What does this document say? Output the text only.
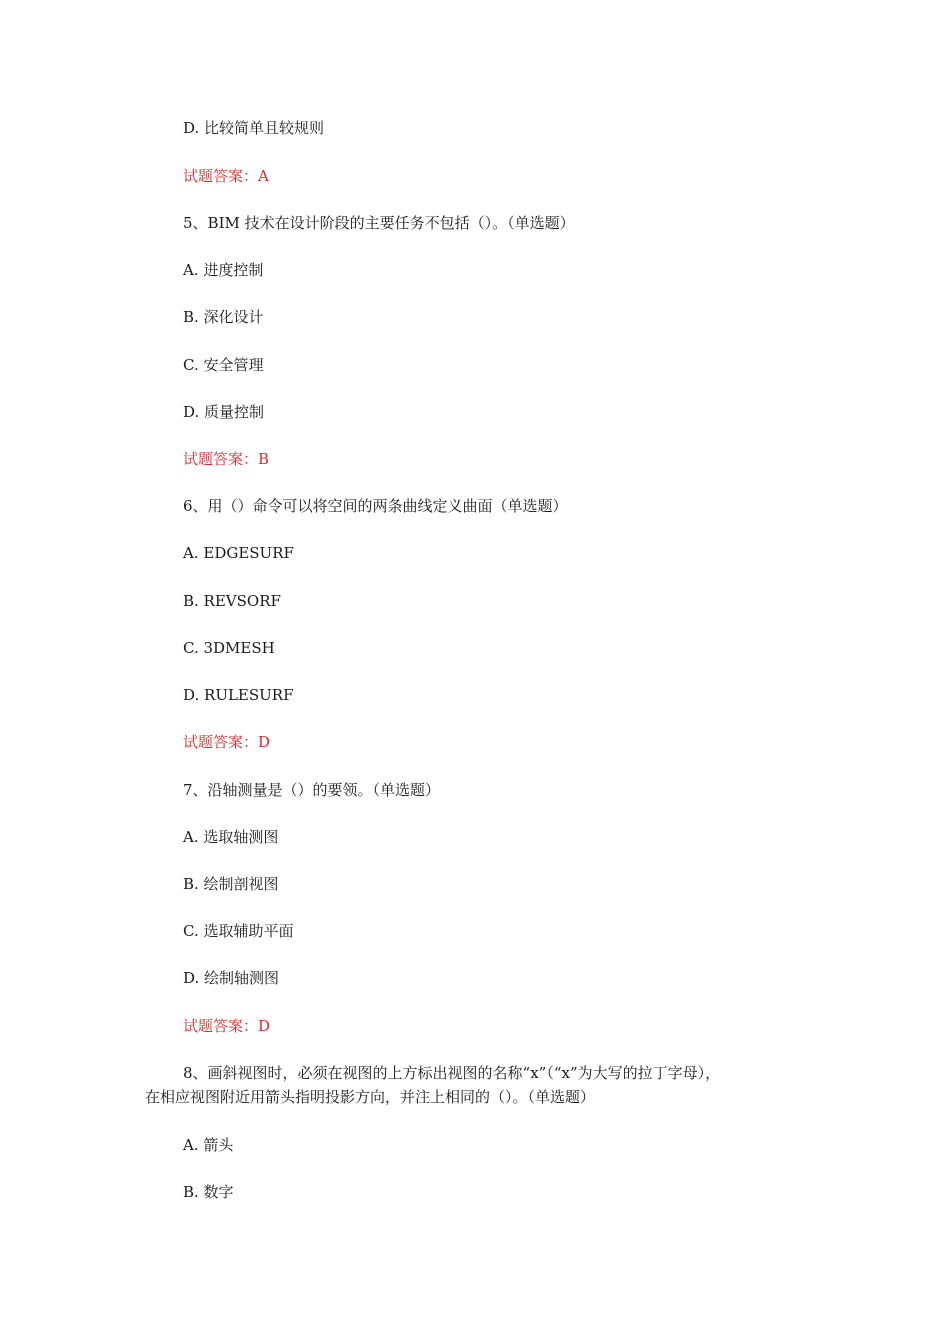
D. 比较简单且较规则
试题答案：A
5、BIM 技术在设计阶段的主要任务不包括（）。（单选题）
A. 进度控制
B. 深化设计
C. 安全管理
D. 质量控制
试题答案：B
6、用（）命令可以将空间的两条曲线定义曲面（单选题）
A. EDGESURF
B. REVSORF
C. 3DMESH
D. RULESURF
试题答案：D
7、沿轴测量是（）的要领。（单选题）
A. 选取轴测图
B. 绘制剖视图
C. 选取辅助平面
D. 绘制轴测图
试题答案：D
8、画斜视图时，必须在视图的上方标出视图的名称“x”（“x”为大写的拉丁字母），
在相应视图附近用箭头指明投影方向，并注上相同的（）。（单选题）
A. 箭头
B. 数字
